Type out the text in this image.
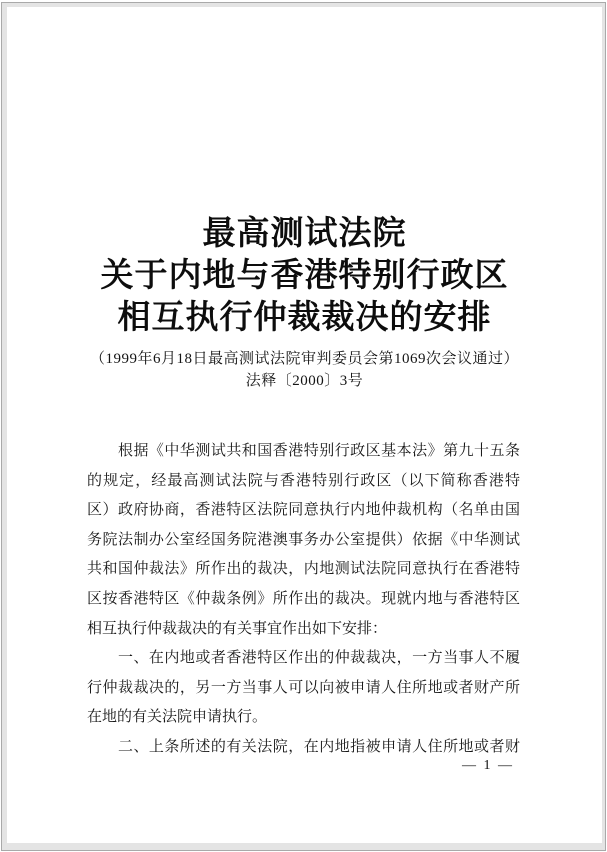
最高测试法院
关于内地与香港特别行政区
相互执行仲裁裁决的安排
（1999年6月18日最高测试法院审判委员会第1069次会议通过）
法释〔2000〕3号
　　根据《中华测试共和国香港特别行政区基本法》第九十五条
的规定，经最高测试法院与香港特别行政区（以下简称香港特
区）政府协商，香港特区法院同意执行内地仲裁机构（名单由国
务院法制办公室经国务院港澳事务办公室提供）依据《中华测试
共和国仲裁法》所作出的裁决，内地测试法院同意执行在香港特
区按香港特区《仲裁条例》所作出的裁决。现就内地与香港特区
相互执行仲裁裁决的有关事宜作出如下安排：
　　一、在内地或者香港特区作出的仲裁裁决，一方当事人不履
行仲裁裁决的，另一方当事人可以向被申请人住所地或者财产所
在地的有关法院申请执行。
　　二、上条所述的有关法院，在内地指被申请人住所地或者财
— 1 —
